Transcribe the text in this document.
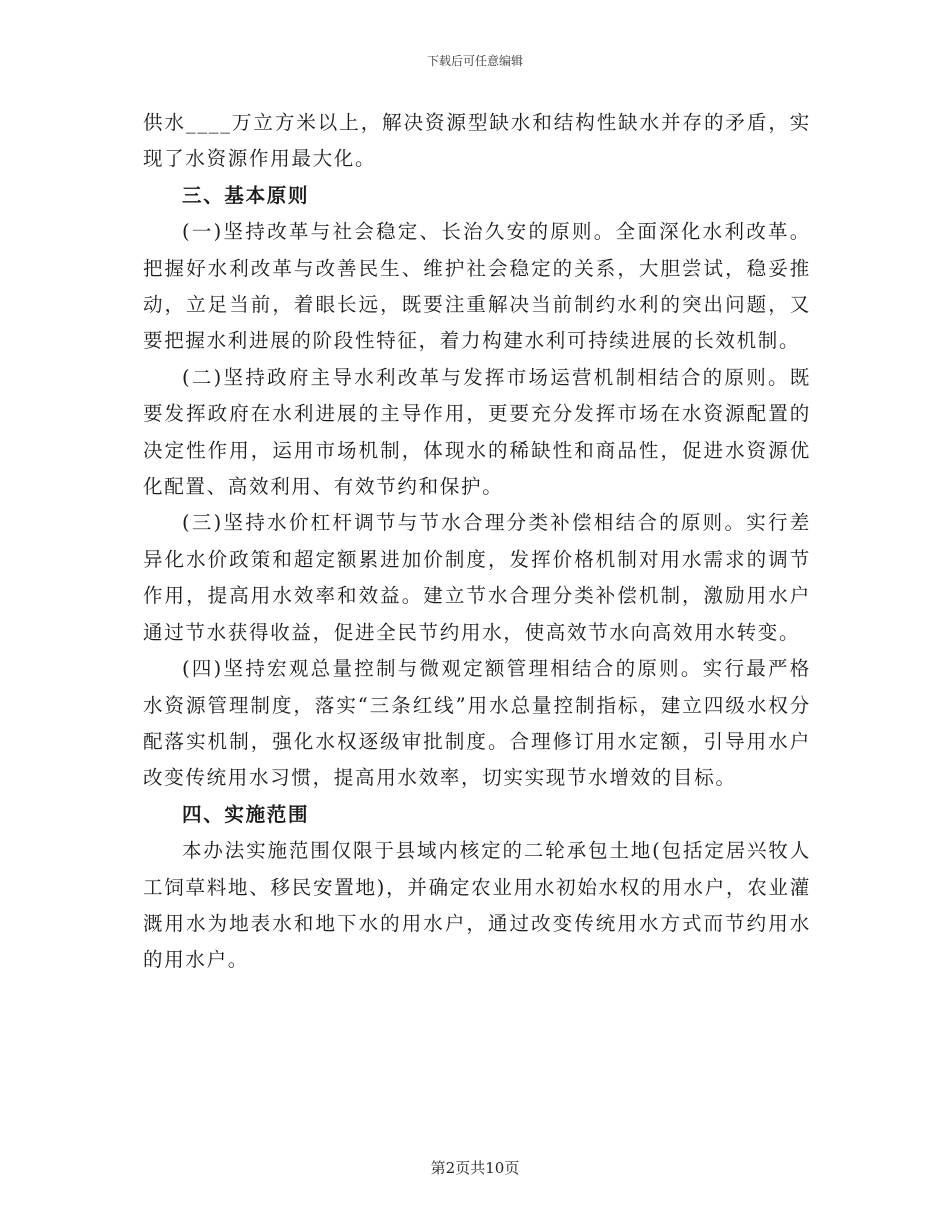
下载后可任意编辑

供水____万立方米以上，解决资源型缺水和结构性缺水并存的矛盾，实现了水资源作用最大化。

三、基本原则

(一)坚持改革与社会稳定、长治久安的原则。全面深化水利改革。把握好水利改革与改善民生、维护社会稳定的关系，大胆尝试，稳妥推动，立足当前，着眼长远，既要注重解决当前制约水利的突出问题，又要把握水利进展的阶段性特征，着力构建水利可持续进展的长效机制。

(二)坚持政府主导水利改革与发挥市场运营机制相结合的原则。既要发挥政府在水利进展的主导作用，更要充分发挥市场在水资源配置的决定性作用，运用市场机制，体现水的稀缺性和商品性，促进水资源优化配置、高效利用、有效节约和保护。

(三)坚持水价杠杆调节与节水合理分类补偿相结合的原则。实行差异化水价政策和超定额累进加价制度，发挥价格机制对用水需求的调节作用，提高用水效率和效益。建立节水合理分类补偿机制，激励用水户通过节水获得收益，促进全民节约用水，使高效节水向高效用水转变。

(四)坚持宏观总量控制与微观定额管理相结合的原则。实行最严格水资源管理制度，落实“三条红线”用水总量控制指标，建立四级水权分配落实机制，强化水权逐级审批制度。合理修订用水定额，引导用水户改变传统用水习惯，提高用水效率，切实实现节水增效的目标。

四、实施范围

本办法实施范围仅限于县域内核定的二轮承包土地(包括定居兴牧人工饲草料地、移民安置地)，并确定农业用水初始水权的用水户，农业灌溉用水为地表水和地下水的用水户，通过改变传统用水方式而节约用水的用水户。

第2页共10页
